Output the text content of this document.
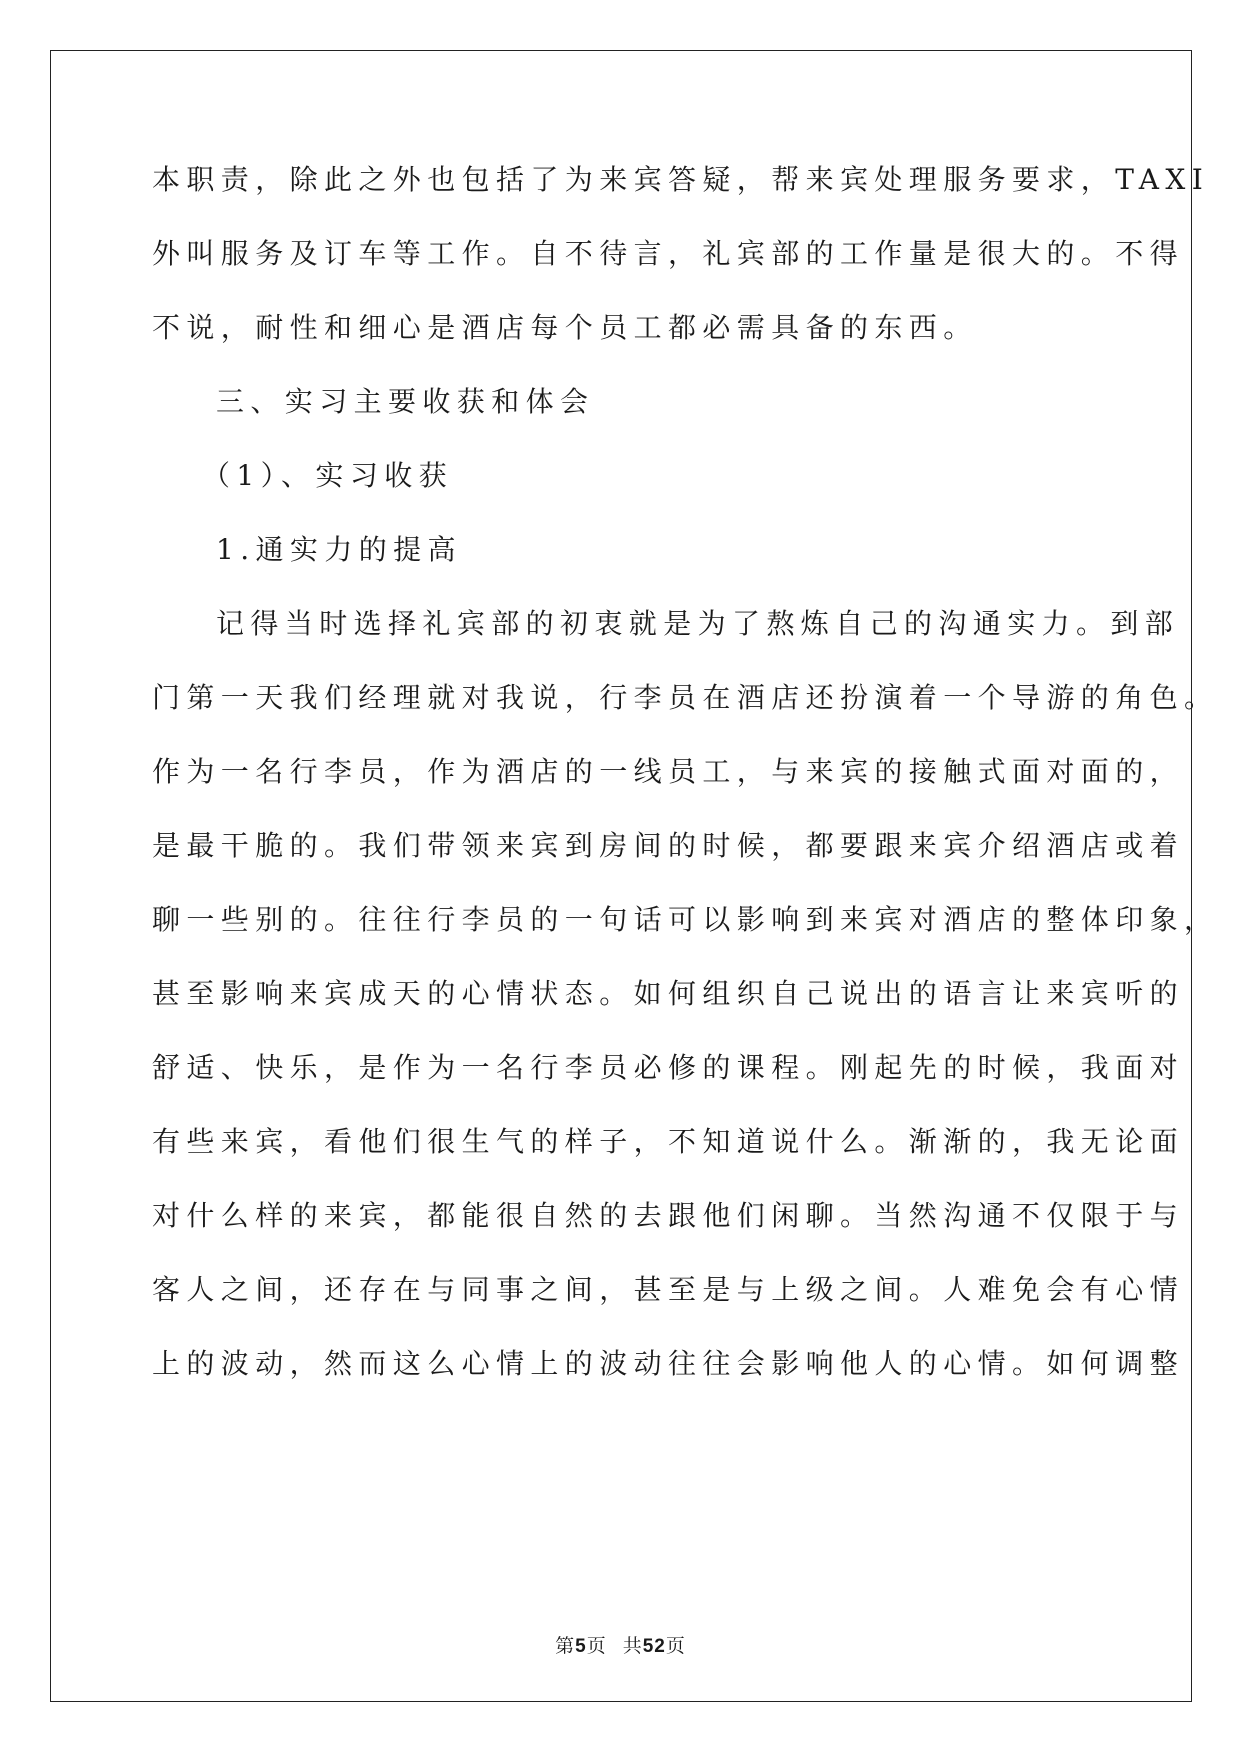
本职责，除此之外也包括了为来宾答疑，帮来宾处理服务要求，TAXI
外叫服务及订车等工作。自不待言，礼宾部的工作量是很大的。不得
不说，耐性和细心是酒店每个员工都必需具备的东西。
三、实习主要收获和体会
（1）、实习收获
1.通实力的提高
记得当时选择礼宾部的初衷就是为了熬炼自己的沟通实力。到部
门第一天我们经理就对我说，行李员在酒店还扮演着一个导游的角色。
作为一名行李员，作为酒店的一线员工，与来宾的接触式面对面的，
是最干脆的。我们带领来宾到房间的时候，都要跟来宾介绍酒店或着
聊一些别的。往往行李员的一句话可以影响到来宾对酒店的整体印象，
甚至影响来宾成天的心情状态。如何组织自己说出的语言让来宾听的
舒适、快乐，是作为一名行李员必修的课程。刚起先的时候，我面对
有些来宾，看他们很生气的样子，不知道说什么。渐渐的，我无论面
对什么样的来宾，都能很自然的去跟他们闲聊。当然沟通不仅限于与
客人之间，还存在与同事之间，甚至是与上级之间。人难免会有心情
上的波动，然而这么心情上的波动往往会影响他人的心情。如何调整
第5页 共52页
